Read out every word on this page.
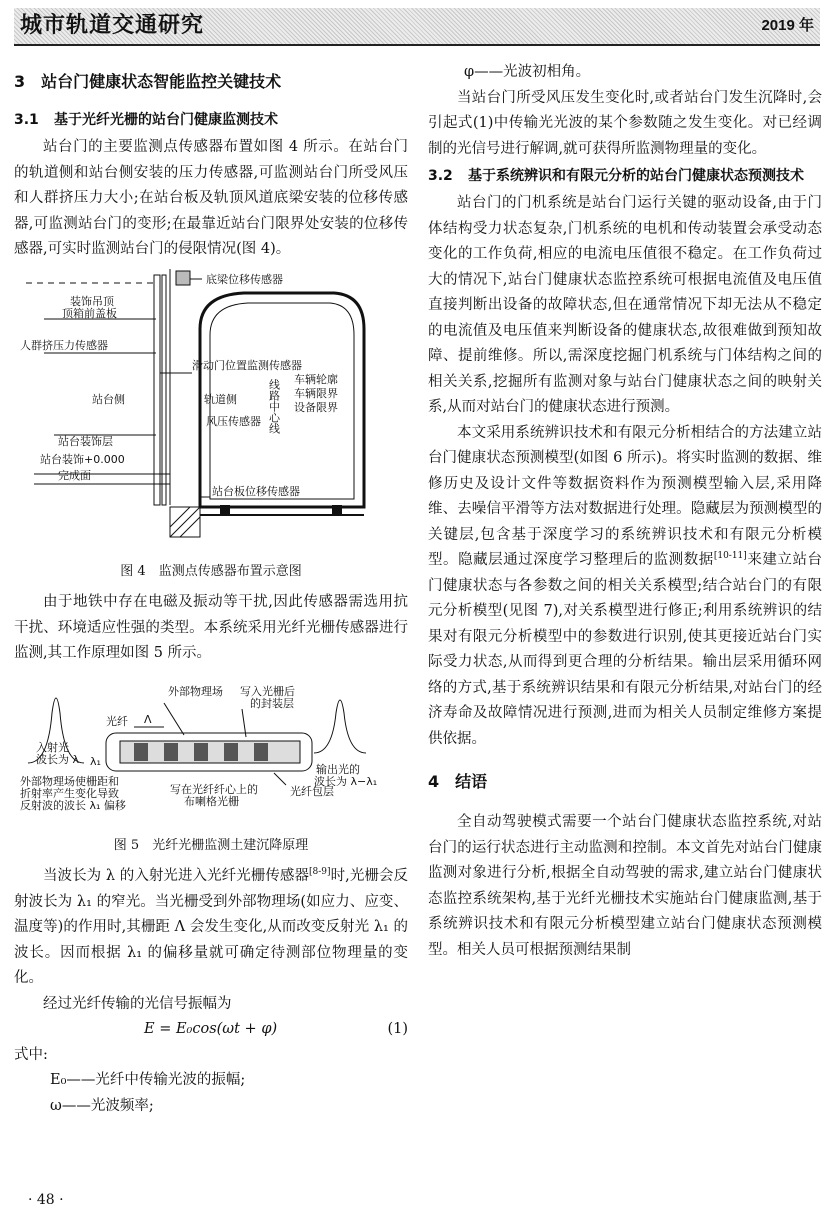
城市轨道交通研究	2019 年
3　站台门健康状态智能监控关键技术
3.1 基于光纤光栅的站台门健康监测技术

站台门的主要监测点传感器布置如图 4 所示。在站台门的轨道侧和站台侧安装的压力传感器,可监测站台门所受风压和人群挤压力大小;在站台板及轨顶风道底梁安装的位移传感器,可监测站台门的变形;在最靠近站台门限界处安装的位移传感器,可实时监测站台门的侵限情况(图 4)。

底梁位移传感器
装饰吊顶
顶箱前盖板
人群挤压力传感器
滑动门位置监测传感器
站台侧	轨道侧	线路中心线 车辆轮廓
车辆限界
设备限界
风压传感器
站台装饰层
站台装饰+0.000
完成面
站台板位移传感器
图 4　监测点传感器布置示意图

由于地铁中存在电磁及振动等干扰,因此传感器需选用抗干扰、环境适应性强的类型。本系统采用光纤光栅传感器进行监测,其工作原理如图 5 所示。

外部物理场 写入光栅后
的封装层
光纤 Λ
入射光
波长为 λ λ₁
输出光的
波长为 λ−λ₁
外部物理场使栅距和
折射率产生变化导致
反射波的波长 λ₁ 偏移
写在光纤纤心上的
布喇格光栅
光纤包层
图 5　光纤光栅监测土建沉降原理

当波长为 λ 的入射光进入光纤光栅传感器[8-9]时,光栅会反射波长为 λ₁ 的窄光。当光栅受到外部物理场(如应力、应变、温度等)的作用时,其栅距 Λ 会发生变化,从而改变反射光 λ₁ 的波长。因而根据 λ₁ 的偏移量就可确定待测部位物理量的变化。

经过光纤传输的光信号振幅为

E = E₀cos(ωt + φ)	(1)

式中:

E₀——光纤中传输光波的振幅;
ω——光波频率;
· 48 ·
φ——光波初相角。

当站台门所受风压发生变化时,或者站台门发生沉降时,会引起式(1)中传输光光波的某个参数随之发生变化。对已经调制的光信号进行解调,就可获得所监测物理量的变化。

3.2	基于系统辨识和有限元分析的站台门健康状态预测技术

站台门的门机系统是站台门运行关键的驱动设备,由于门体结构受力状态复杂,门机系统的电机和传动装置会承受动态变化的工作负荷,相应的电流电压值很不稳定。在工作负荷过大的情况下,站台门健康状态监控系统可根据电流值及电压值直接判断出设备的故障状态,但在通常情况下却无法从不稳定的电流值及电压值来判断设备的健康状态,故很难做到预知故障、提前维修。所以,需深度挖掘门机系统与门体结构之间的相关关系,挖掘所有监测对象与站台门健康状态之间的映射关系,从而对站台门的健康状态进行预测。

本文采用系统辨识技术和有限元分析相结合的方法建立站台门健康状态预测模型(如图 6 所示)。将实时监测的数据、维修历史及设计文件等数据资料作为预测模型输入层,采用降维、去噪信平滑等方法对数据进行处理。隐藏层为预测模型的关键层,包含基于深度学习的系统辨识技术和有限元分析模型。隐藏层通过深度学习整理后的监测数据[10-11]来建立站台门健康状态与各参数之间的相关关系模型;结合站台门的有限元分析模型(见图 7),对关系模型进行修正;利用系统辨识的结果对有限元分析模型中的参数进行识别,使其更接近站台门实际受力状态,从而得到更合理的分析结果。输出层采用循环网络的方式,基于系统辨识结果和有限元分析结果,对站台门的经济寿命及故障情况进行预测,进而为相关人员制定维修方案提供依据。

4　结语

全自动驾驶模式需要一个站台门健康状态监控系统,对站台门的运行状态进行主动监测和控制。本文首先对站台门健康监测对象进行分析,根据全自动驾驶的需求,建立站台门健康状态监控系统架构,基于光纤光栅技术实施站台门健康监测,基于系统辨识技术和有限元分析模型建立站台门健康状态预测模型。相关人员可根据预测结果制
